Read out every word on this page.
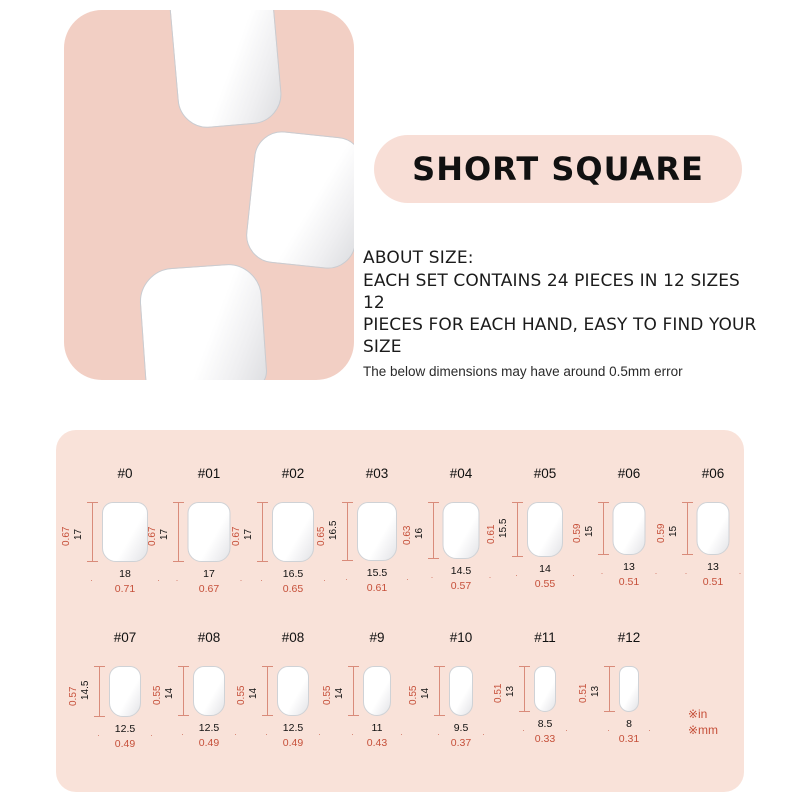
SHORT SQUARE
ABOUT SIZE:
EACH SET CONTAINS 24 PIECES IN 12 SIZES 12
PIECES FOR EACH HAND, EASY TO FIND YOUR SIZE
The below dimensions may have around 0.5mm error
#0
17
0.67
18
0.71
#01
17
0.67
17
0.67
#02
17
0.67
16.5
0.65
#03
16.5
0.65
15.5
0.61
#04
16
0.63
14.5
0.57
#05
15.5
0.61
14
0.55
#06
15
0.59
13
0.51
#06
15
0.59
13
0.51
#07
14.5
0.57
12.5
0.49
#08
14
0.55
12.5
0.49
#08
14
0.55
12.5
0.49
#9
14
0.55
11
0.43
#10
14
0.55
9.5
0.37
#11
13
0.51
8.5
0.33
#12
13
0.51
8
0.31
※in
※mm
